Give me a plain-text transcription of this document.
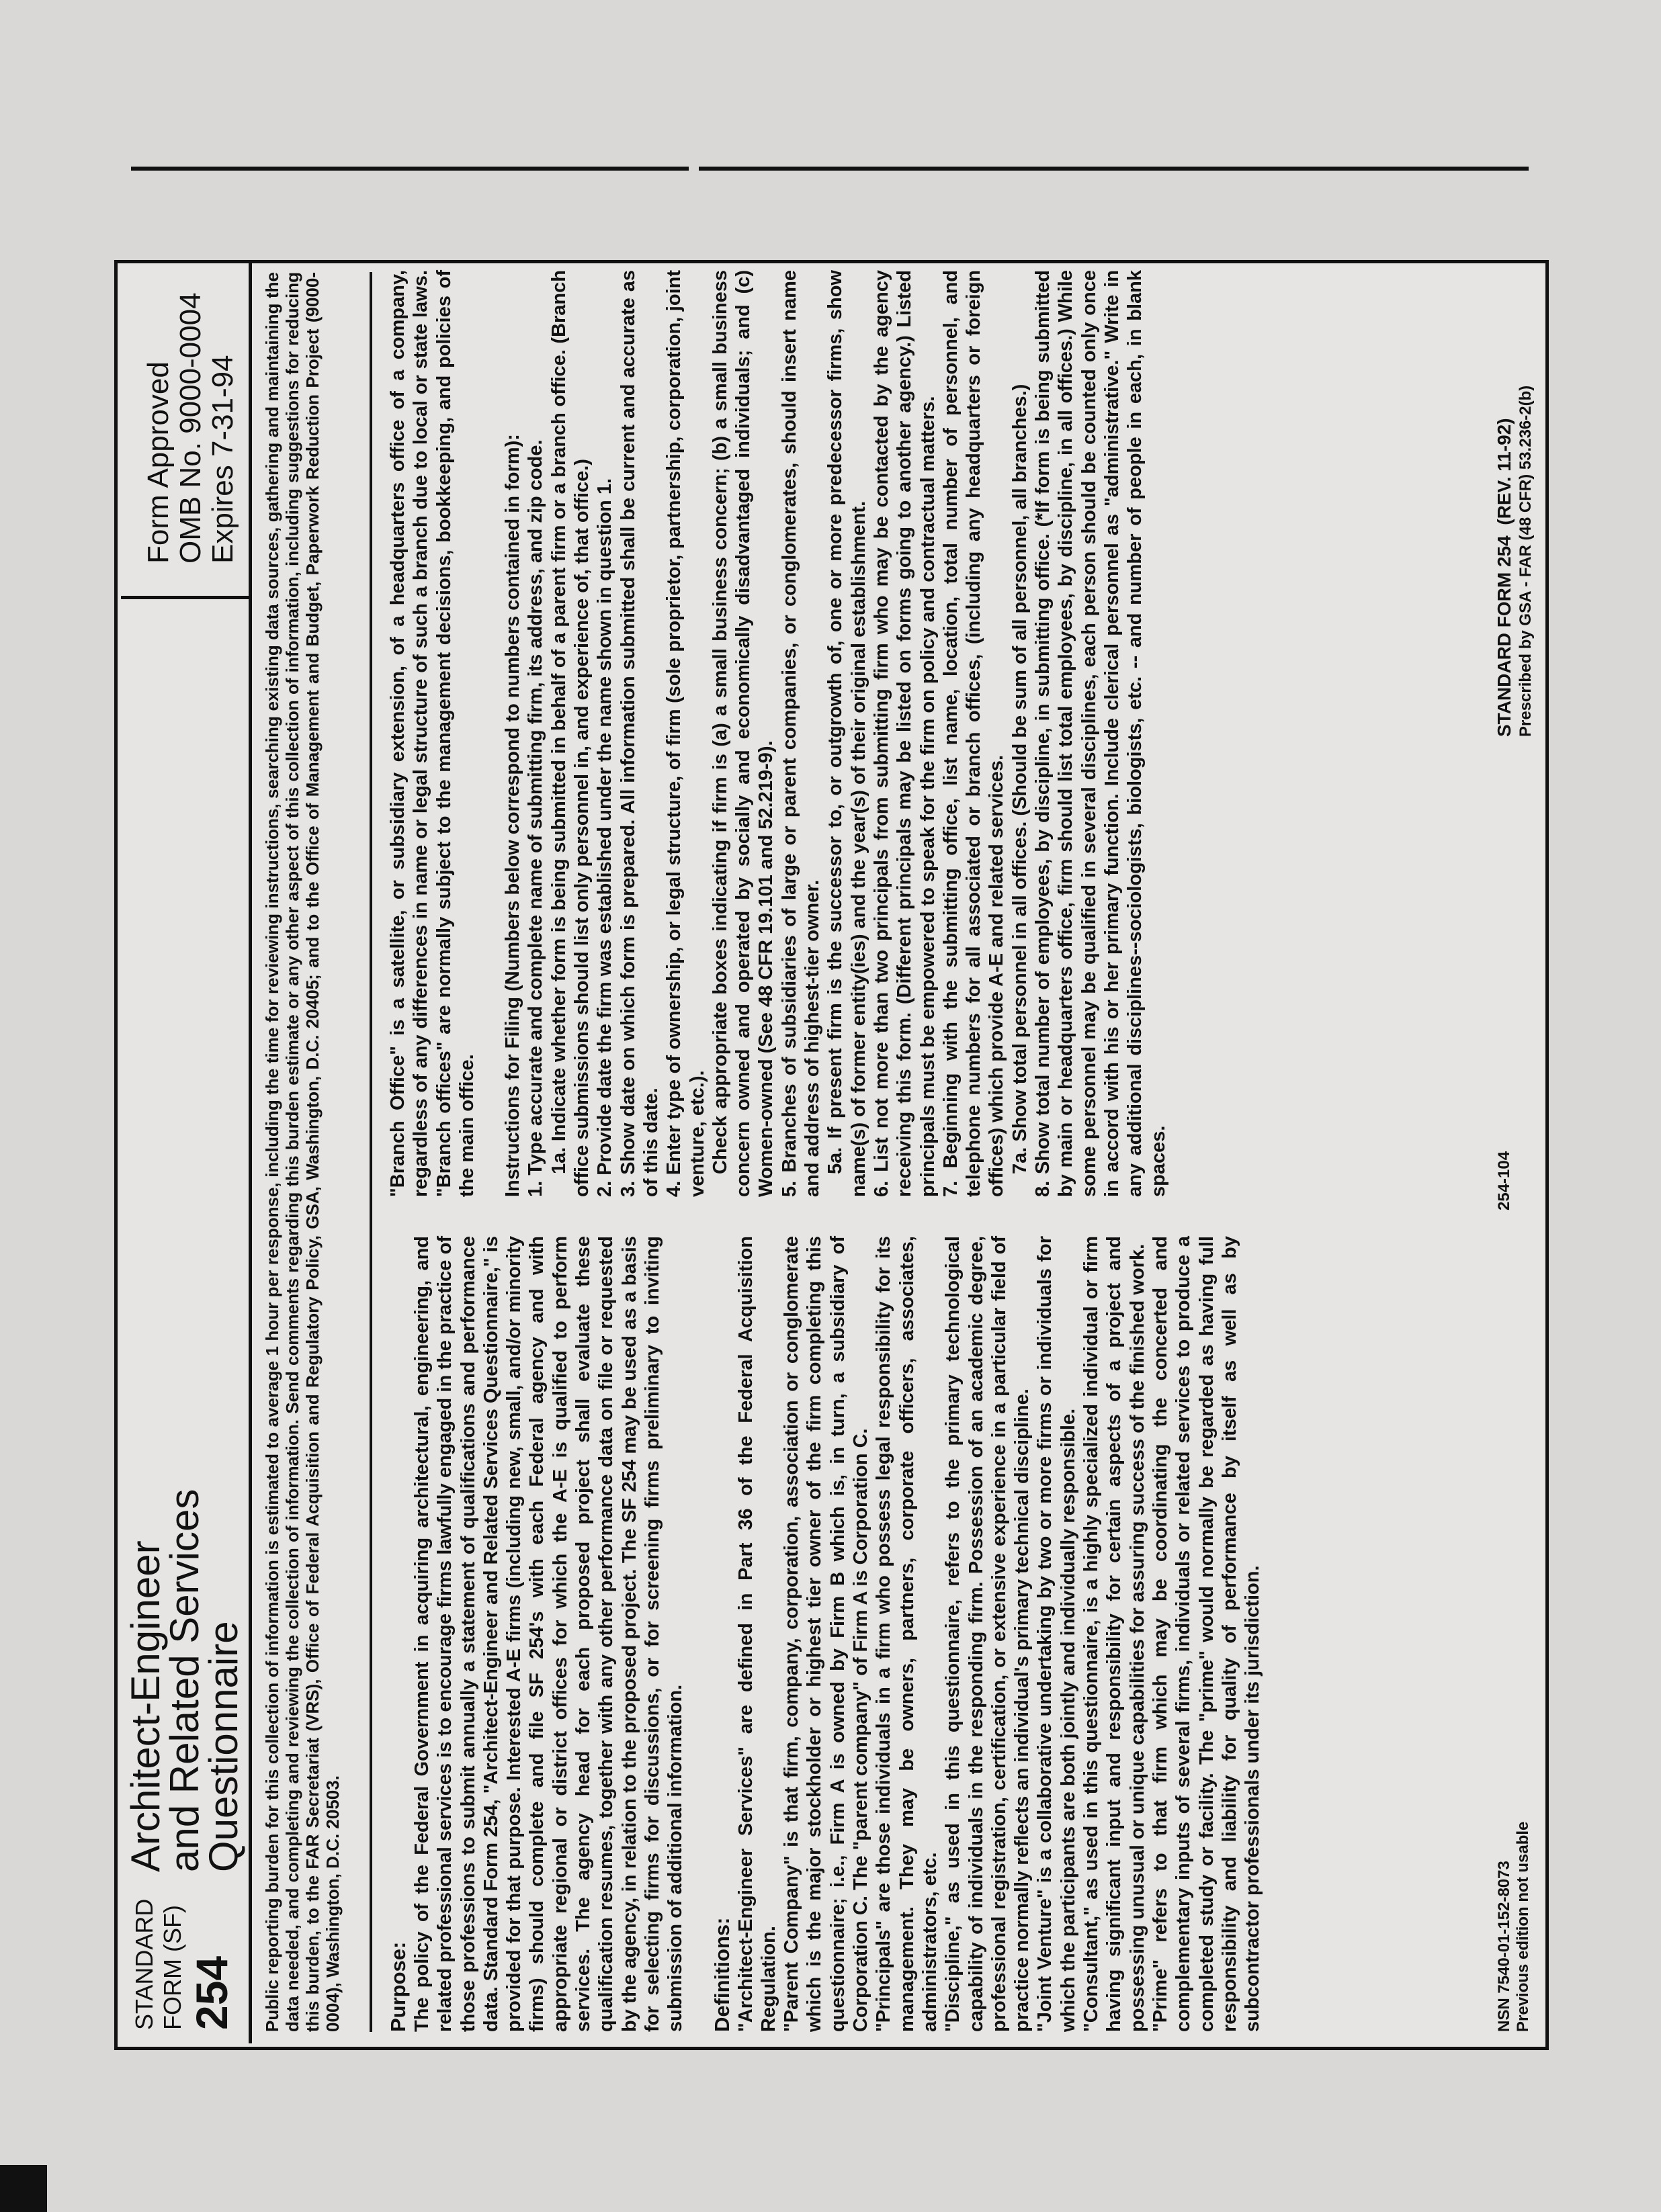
STANDARD FORM (SF) 254
Architect-Engineer
and Related Services
Questionnaire
Form Approved OMB No. 9000-0004 Expires 7-31-94 Public reporting burden for this collection of information is estimated to average 1 hour per response, including the time for reviewing instructions, searching existing data sources, gathering and maintaining the data needed, and completing and reviewing the collection of information. Send comments regarding this burden estimate or any other aspect of this collection of information, including suggestions for reducing this burden, to the FAR Secretariat (VRS), Office of Federal Acquisition and Regulatory Policy, GSA, Washington, D.C. 20405; and to the Office of Management and Budget, Paperwork Reduction Project (9000-0004), Washington, D.C. 20503. Purpose: The policy of the Federal Government in acquiring architectural, engineering, and related professional services is to encourage firms lawfully engaged in the practice of those professions to submit annually a statement of qualifications and performance data. Standard Form 254, "Architect-Engineer and Related Services Questionnaire," is provided for that purpose. Interested A-E firms (including new, small, and/or minority firms) should complete and file SF 254's with each Federal agency and with appropriate regional or district offices for which the A-E is qualified to perform services. The agency head for each proposed project shall evaluate these qualification resumes, together with any other performance data on file or requested by the agency, in relation to the proposed project. The SF 254 may be used as a basis for selecting firms for discussions, or for screening firms preliminary to inviting submission of additional information. Definitions: "Architect-Engineer Services" are defined in Part 36 of the Federal Acquisition Regulation. "Parent Company" is that firm, company, corporation, association or conglomerate which is the major stockholder or highest tier owner of the firm completing this questionnaire; i.e., Firm A is owned by Firm B which is, in turn, a subsidiary of Corporation C. The "parent company" of Firm A is Corporation C. "Principals" are those individuals in a firm who possess legal responsibility for its management. They may be owners, partners, corporate officers, associates, administrators, etc. "Discipline," as used in this questionnaire, refers to the primary technological capability of individuals in the responding firm. Possession of an academic degree, professional registration, certification, or extensive experience in a particular field of practice normally reflects an individual's primary technical discipline. "Joint Venture" is a collaborative undertaking by two or more firms or individuals for which the participants are both jointly and individually responsible. "Consultant," as used in this questionnaire, is a highly specialized individual or firm having significant input and responsibility for certain aspects of a project and possessing unusual or unique capabilities for assuring success of the finished work. "Prime" refers to that firm which may be coordinating the concerted and complementary inputs of several firms, individuals or related services to produce a completed study or facility. The "prime" would normally be regarded as having full responsibility and liability for quality of performance by itself as well as by subcontractor professionals under its jurisdiction.

"Branch Office" is a satellite, or subsidiary extension, of a headquarters office of a company, regardless of any differences in name or legal structure of such a branch due to local or state laws. "Branch offices" are normally subject to the management decisions, bookkeeping, and policies of the main office. Instructions for Filing (Numbers below correspond to numbers contained in form): 1. Type accurate and complete name of submitting firm, its address, and zip code. 1a. Indicate whether form is being submitted in behalf of a parent firm or a branch office. (Branch office submissions should list only personnel in, and experience of, that office.) 2. Provide date the firm was established under the name shown in question 1. 3. Show date on which form is prepared. All information submitted shall be current and accurate as of this date. 4. Enter type of ownership, or legal structure, of firm (sole proprietor, partnership, corporation, joint venture, etc.). Check appropriate boxes indicating if firm is (a) a small business concern; (b) a small business concern owned and operated by socially and economically disadvantaged individuals; and (c) Women-owned (See 48 CFR 19.101 and 52.219-9). 5. Branches of subsidiaries of large or parent companies, or conglomerates, should insert name and address of highest-tier owner. 5a. If present firm is the successor to, or outgrowth of, one or more predecessor firms, show name(s) of former entity(ies) and the year(s) of their original establishment. 6. List not more than two principals from submitting firm who may be contacted by the agency receiving this form. (Different principals may be listed on forms going to another agency.) Listed principals must be empowered to speak for the firm on policy and contractual matters. 7. Beginning with the submitting office, list name, location, total number of personnel, and telephone numbers for all associated or branch offices, (including any headquarters or foreign offices) which provide A-E and related services. 7a. Show total personnel in all offices. (Should be sum of all personnel, all branches.) 8. Show total number of employees, by discipline, in submitting office. (*If form is being submitted by main or headquarters office, firm should list total employees, by discipline, in all offices.) While some personnel may be qualified in several disciplines, each person should be counted only once in accord with his or her primary function. Include clerical personnel as "administrative." Write in any additional disciplines--sociologists, biologists, etc. -- and number of people in each, in blank spaces.

NSN 7540-01-152-8073 Previous edition not usable
254-104
STANDARD FORM 254  (REV. 11-92) Prescribed by GSA - FAR (48 CFR) 53.236-2(b)
